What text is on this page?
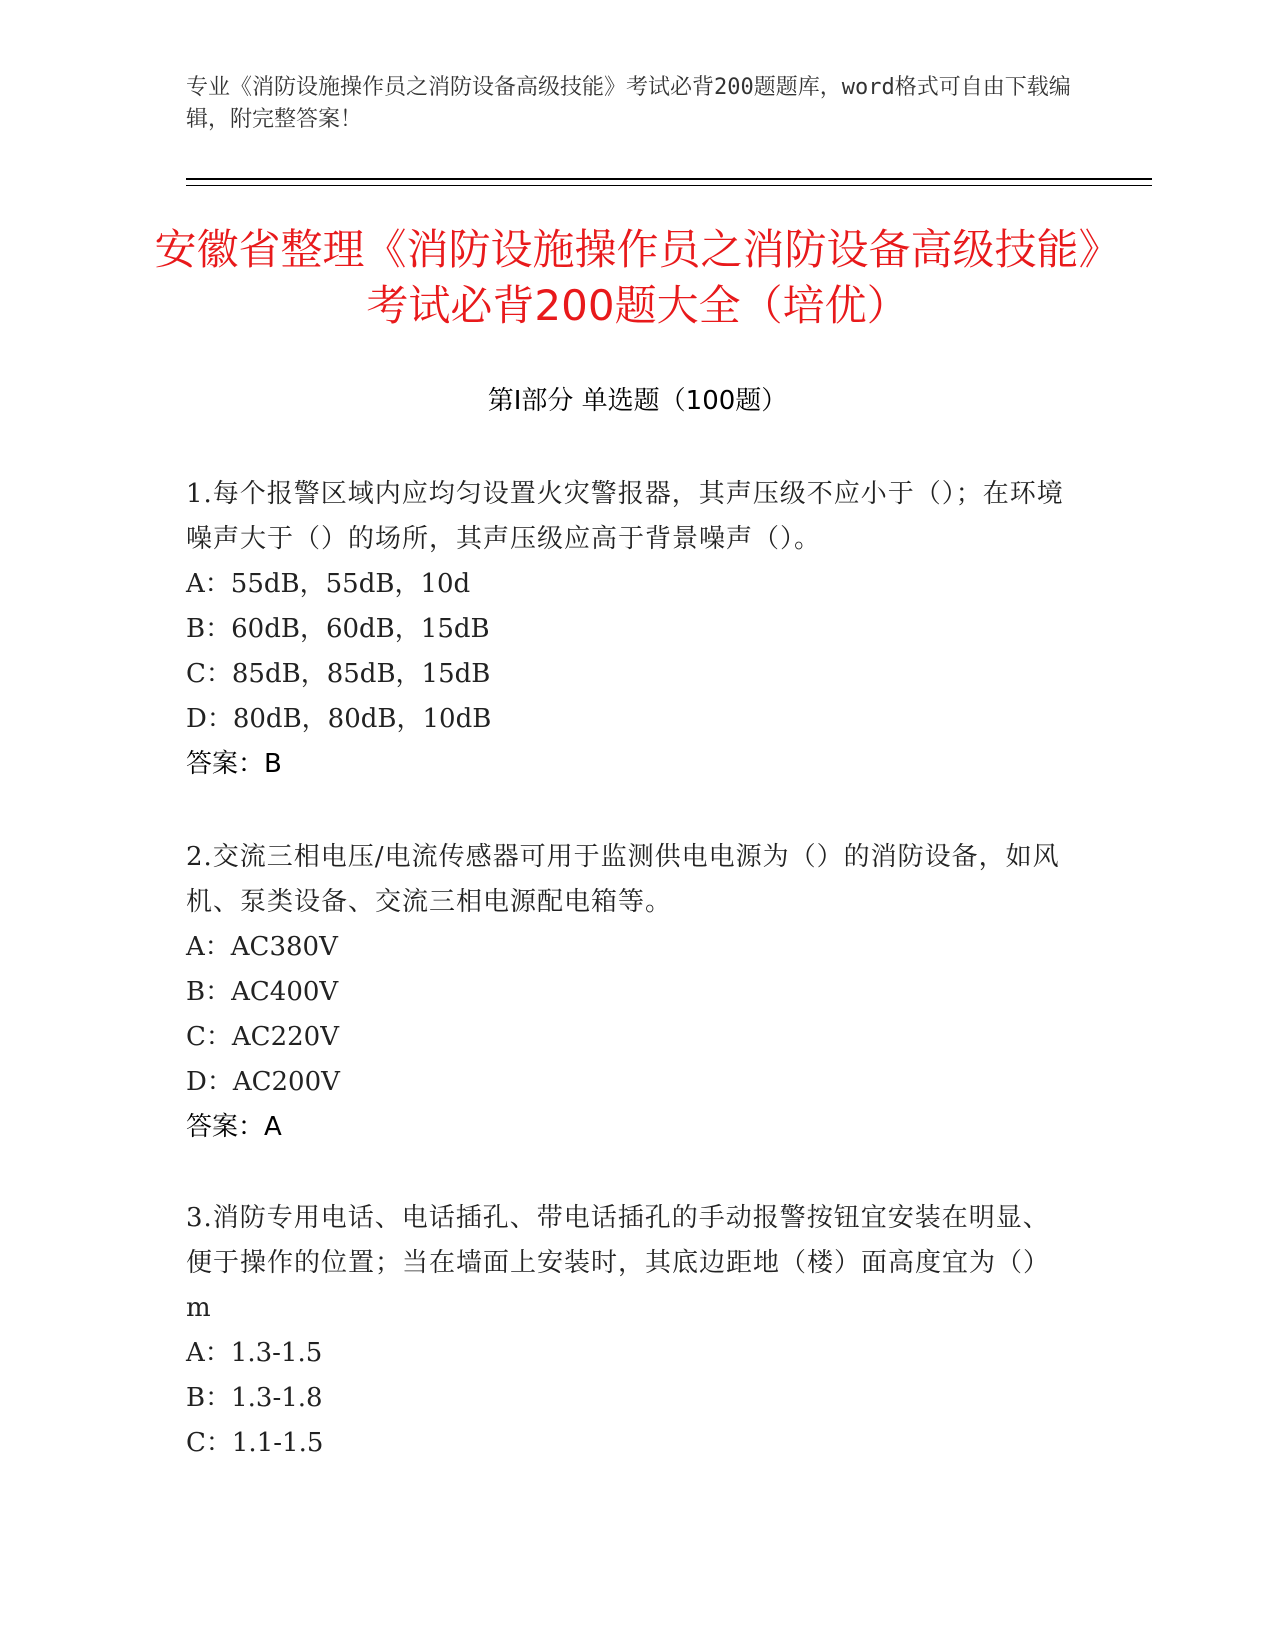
专业《消防设施操作员之消防设备高级技能》考试必背200题题库，word格式可自由下载编辑，附完整答案！
安徽省整理《消防设施操作员之消防设备高级技能》考试必背200题大全（培优）
第Ⅰ部分 单选题（100题）
1.每个报警区域内应均匀设置火灾警报器，其声压级不应小于（）；在环境噪声大于（）的场所，其声压级应高于背景噪声（）。
A：55dB，55dB，10d
B：60dB，60dB，15dB
C：85dB，85dB，15dB
D：80dB，80dB，10dB
答案：B
2.交流三相电压/电流传感器可用于监测供电电源为（）的消防设备，如风机、泵类设备、交流三相电源配电箱等。
A：AC380V
B：AC400V
C：AC220V
D：AC200V
答案：A
3.消防专用电话、电话插孔、带电话插孔的手动报警按钮宜安装在明显、便于操作的位置；当在墙面上安装时，其底边距地（楼）面高度宜为（）m
A：1.3-1.5
B：1.3-1.8
C：1.1-1.5
